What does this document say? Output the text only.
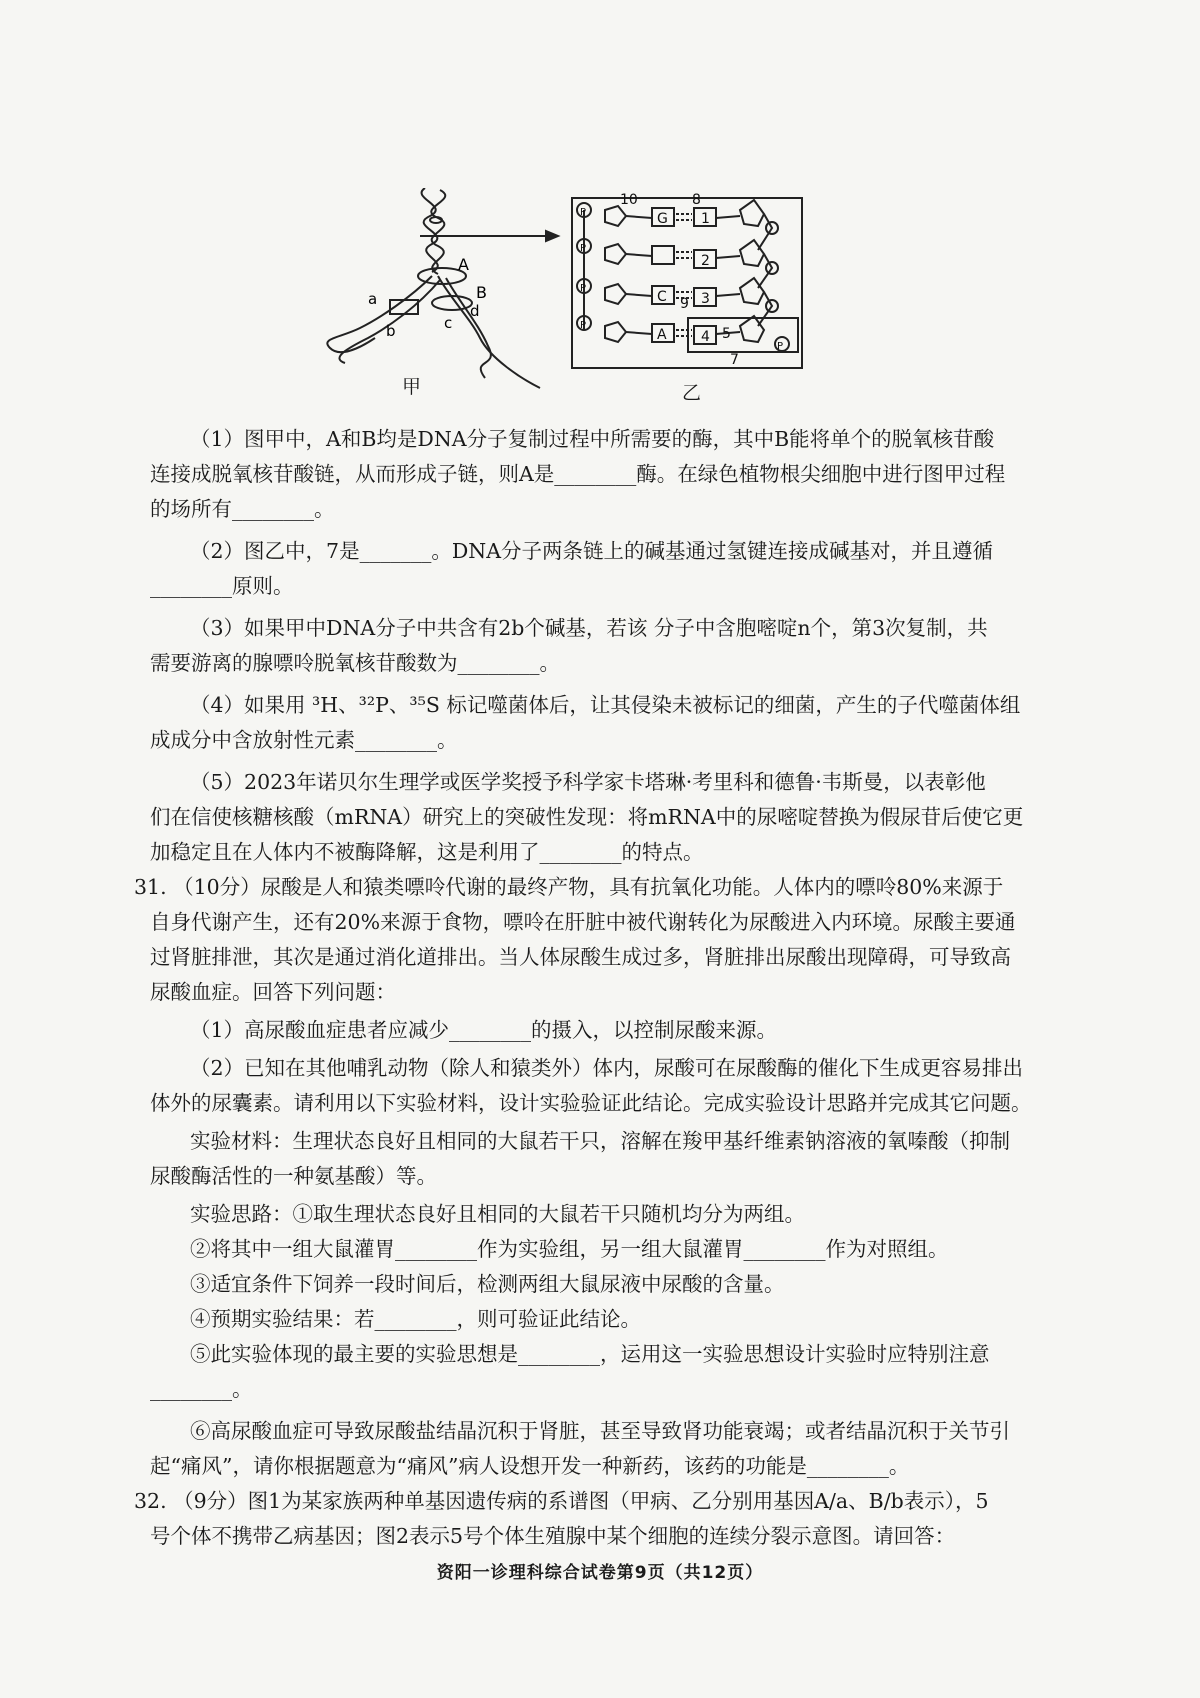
A
B
a
b	c
d
P
P
P
P
P
G
C
A
1
2
3
4 5
7
8
9
10
甲	乙
（1）图甲中，A和B均是DNA分子复制过程中所需要的酶，其中B能将单个的脱氧核苷酸
连接成脱氧核苷酸链，从而形成子链，则A是________酶。在绿色植物根尖细胞中进行图甲过程
的场所有________。
（2）图乙中，7是_______。DNA分子两条链上的碱基通过氢键连接成碱基对，并且遵循
________原则。
（3）如果甲中DNA分子中共含有2b个碱基，若该 分子中含胞嘧啶n个，第3次复制，共
需要游离的腺嘌呤脱氧核苷酸数为________。
（4）如果用 ³H、³²P、³⁵S 标记噬菌体后，让其侵染未被标记的细菌，产生的子代噬菌体组
成成分中含放射性元素________。
（5）2023年诺贝尔生理学或医学奖授予科学家卡塔琳·考里科和德鲁·韦斯曼，以表彰他
们在信使核糖核酸（mRNA）研究上的突破性发现：将mRNA中的尿嘧啶替换为假尿苷后使它更
加稳定且在人体内不被酶降解，这是利用了________的特点。
31. （10分）尿酸是人和猿类嘌呤代谢的最终产物，具有抗氧化功能。人体内的嘌呤80%来源于
自身代谢产生，还有20%来源于食物，嘌呤在肝脏中被代谢转化为尿酸进入内环境。尿酸主要通
过肾脏排泄，其次是通过消化道排出。当人体尿酸生成过多，肾脏排出尿酸出现障碍，可导致高
尿酸血症。回答下列问题：
（1）高尿酸血症患者应减少________的摄入，以控制尿酸来源。
（2）已知在其他哺乳动物（除人和猿类外）体内，尿酸可在尿酸酶的催化下生成更容易排出
体外的尿囊素。请利用以下实验材料，设计实验验证此结论。完成实验设计思路并完成其它问题。
实验材料：生理状态良好且相同的大鼠若干只，溶解在羧甲基纤维素钠溶液的氧嗪酸（抑制
尿酸酶活性的一种氨基酸）等。
实验思路：①取生理状态良好且相同的大鼠若干只随机均分为两组。
②将其中一组大鼠灌胃________作为实验组，另一组大鼠灌胃________作为对照组。
③适宜条件下饲养一段时间后，检测两组大鼠尿液中尿酸的含量。
④预期实验结果：若________，则可验证此结论。
⑤此实验体现的最主要的实验思想是________，运用这一实验思想设计实验时应特别注意
________。
⑥高尿酸血症可导致尿酸盐结晶沉积于肾脏，甚至导致肾功能衰竭；或者结晶沉积于关节引
起“痛风”，请你根据题意为“痛风”病人设想开发一种新药，该药的功能是________。
32. （9分）图1为某家族两种单基因遗传病的系谱图（甲病、乙分别用基因A/a、B/b表示），5
号个体不携带乙病基因；图2表示5号个体生殖腺中某个细胞的连续分裂示意图。请回答：
资阳一诊理科综合试卷第9页（共12页）
